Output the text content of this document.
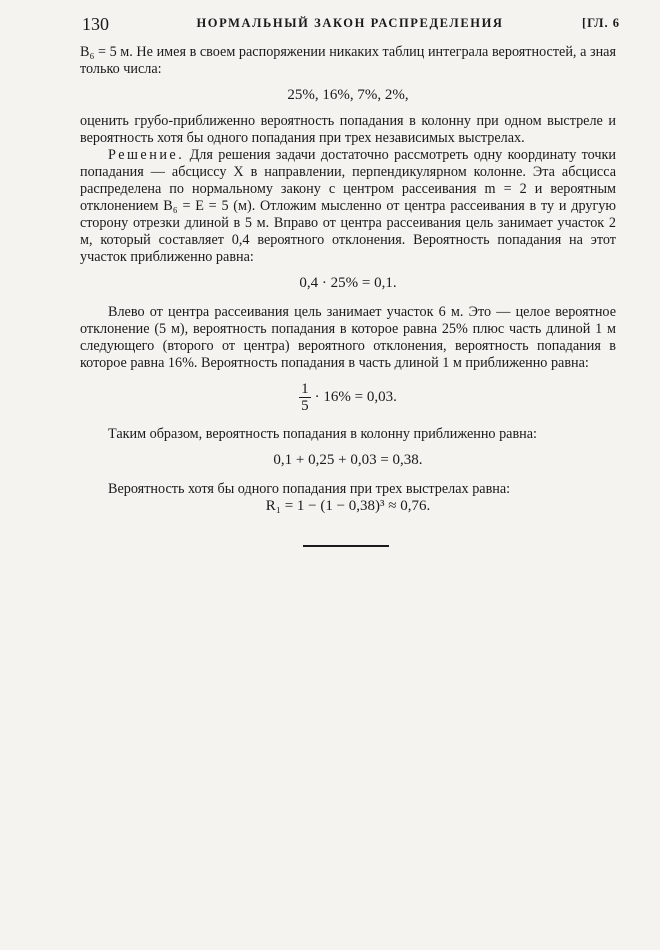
130	НОРМАЛЬНЫЙ ЗАКОН РАСПРЕДЕЛЕНИЯ	[ГЛ. 6

B₆ = 5 м. Не имея в своем распоряжении никаких таблиц интеграла вероятностей, а зная только числа:

25%, 16%, 7%, 2%,

оценить грубо-приближенно вероятность попадания в колонну при одном выстреле и вероятность хотя бы одного попадания при трех независимых выстрелах.

Решение. Для решения задачи достаточно рассмотреть одну координату точки попадания — абсциссу X в направлении, перпендикулярном колонне. Эта абсцисса распределена по нормальному закону с центром рассеивания m = 2 и вероятным отклонением B₆ = E = 5 (м). Отложим мысленно от центра рассеивания в ту и другую сторону отрезки длиной в 5 м. Вправо от центра рассеивания цель занимает участок 2 м, который составляет 0,4 вероятного отклонения. Вероятность попадания на этот участок приближенно равна:

0,4 · 25% = 0,1.

Влево от центра рассеивания цель занимает участок 6 м. Это — целое вероятное отклонение (5 м), вероятность попадания в которое равна 25% плюс часть длиной 1 м следующего (второго от центра) вероятного отклонения, вероятность попадания в которое равна 16%. Вероятность попадания в часть длиной 1 м приближенно равна:

$\frac{1}{5} \cdot 16\% = 0,03$.

Таким образом, вероятность попадания в колонну приближенно равна:

0,1 + 0,25 + 0,03 = 0,38.

Вероятность хотя бы одного попадания при трех выстрелах равна:

R₁ = 1 − (1 − 0,38)³ ≈ 0,76.
